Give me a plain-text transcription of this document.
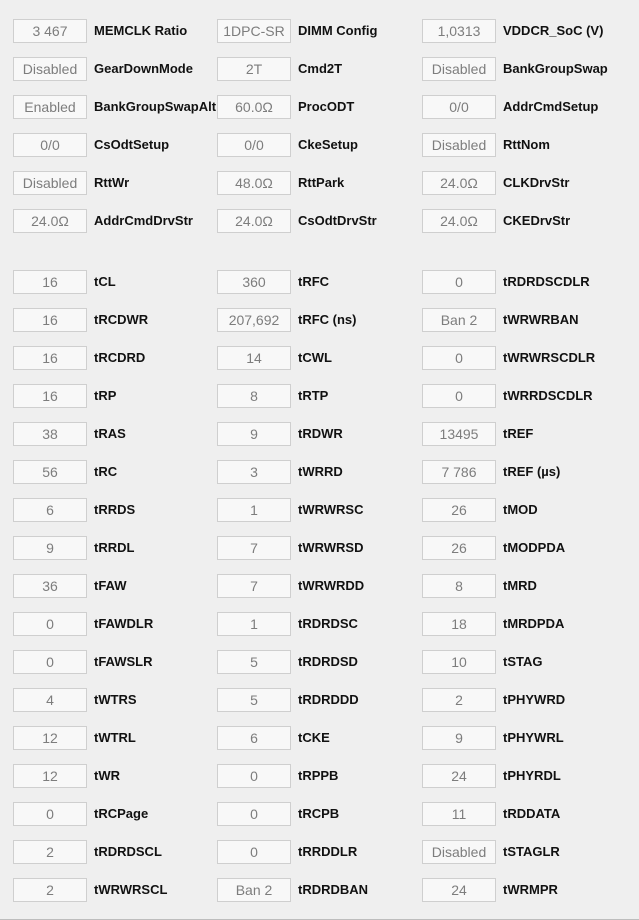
3 467	MEMCLK Ratio	1DPC-SR	DIMM Config	1,0313	VDDCR_SoC (V)
Disabled	GearDownMode	2T	Cmd2T	Disabled	BankGroupSwap
Enabled	BankGroupSwapAlt	60.0Ω	ProcODT	0/0	AddrCmdSetup
0/0	CsOdtSetup	0/0	CkeSetup	Disabled	RttNom
Disabled	RttWr	48.0Ω	RttPark	24.0Ω	CLKDrvStr
24.0Ω	AddrCmdDrvStr	24.0Ω	CsOdtDrvStr	24.0Ω	CKEDrvStr
16	tCL	360	tRFC	0	tRDRDSCDLR
16	tRCDWR	207,692	tRFC (ns)	Ban 2	tWRWRBAN
16	tRCDRD	14	tCWL	0	tWRWRSCDLR
16	tRP	8	tRTP	0	tWRRDSCDLR
38	tRAS	9	tRDWR	13495	tREF
56	tRC	3	tWRRD	7 786	tREF (µs)
6	tRRDS	1	tWRWRSC	26	tMOD
9	tRRDL	7	tWRWRSD	26	tMODPDA
36	tFAW	7	tWRWRDD	8	tMRD
0	tFAWDLR	1	tRDRDSC	18	tMRDPDA
0	tFAWSLR	5	tRDRDSD	10	tSTAG
4	tWTRS	5	tRDRDDD	2	tPHYWRD
12	tWTRL	6	tCKE	9	tPHYWRL
12	tWR	0	tRPPB	24	tPHYRDL
0	tRCPage	0	tRCPB	11	tRDDATA
2	tRDRDSCL	0	tRRDDLR	Disabled	tSTAGLR
2	tWRWRSCL	Ban 2	tRDRDBAN	24	tWRMPR
